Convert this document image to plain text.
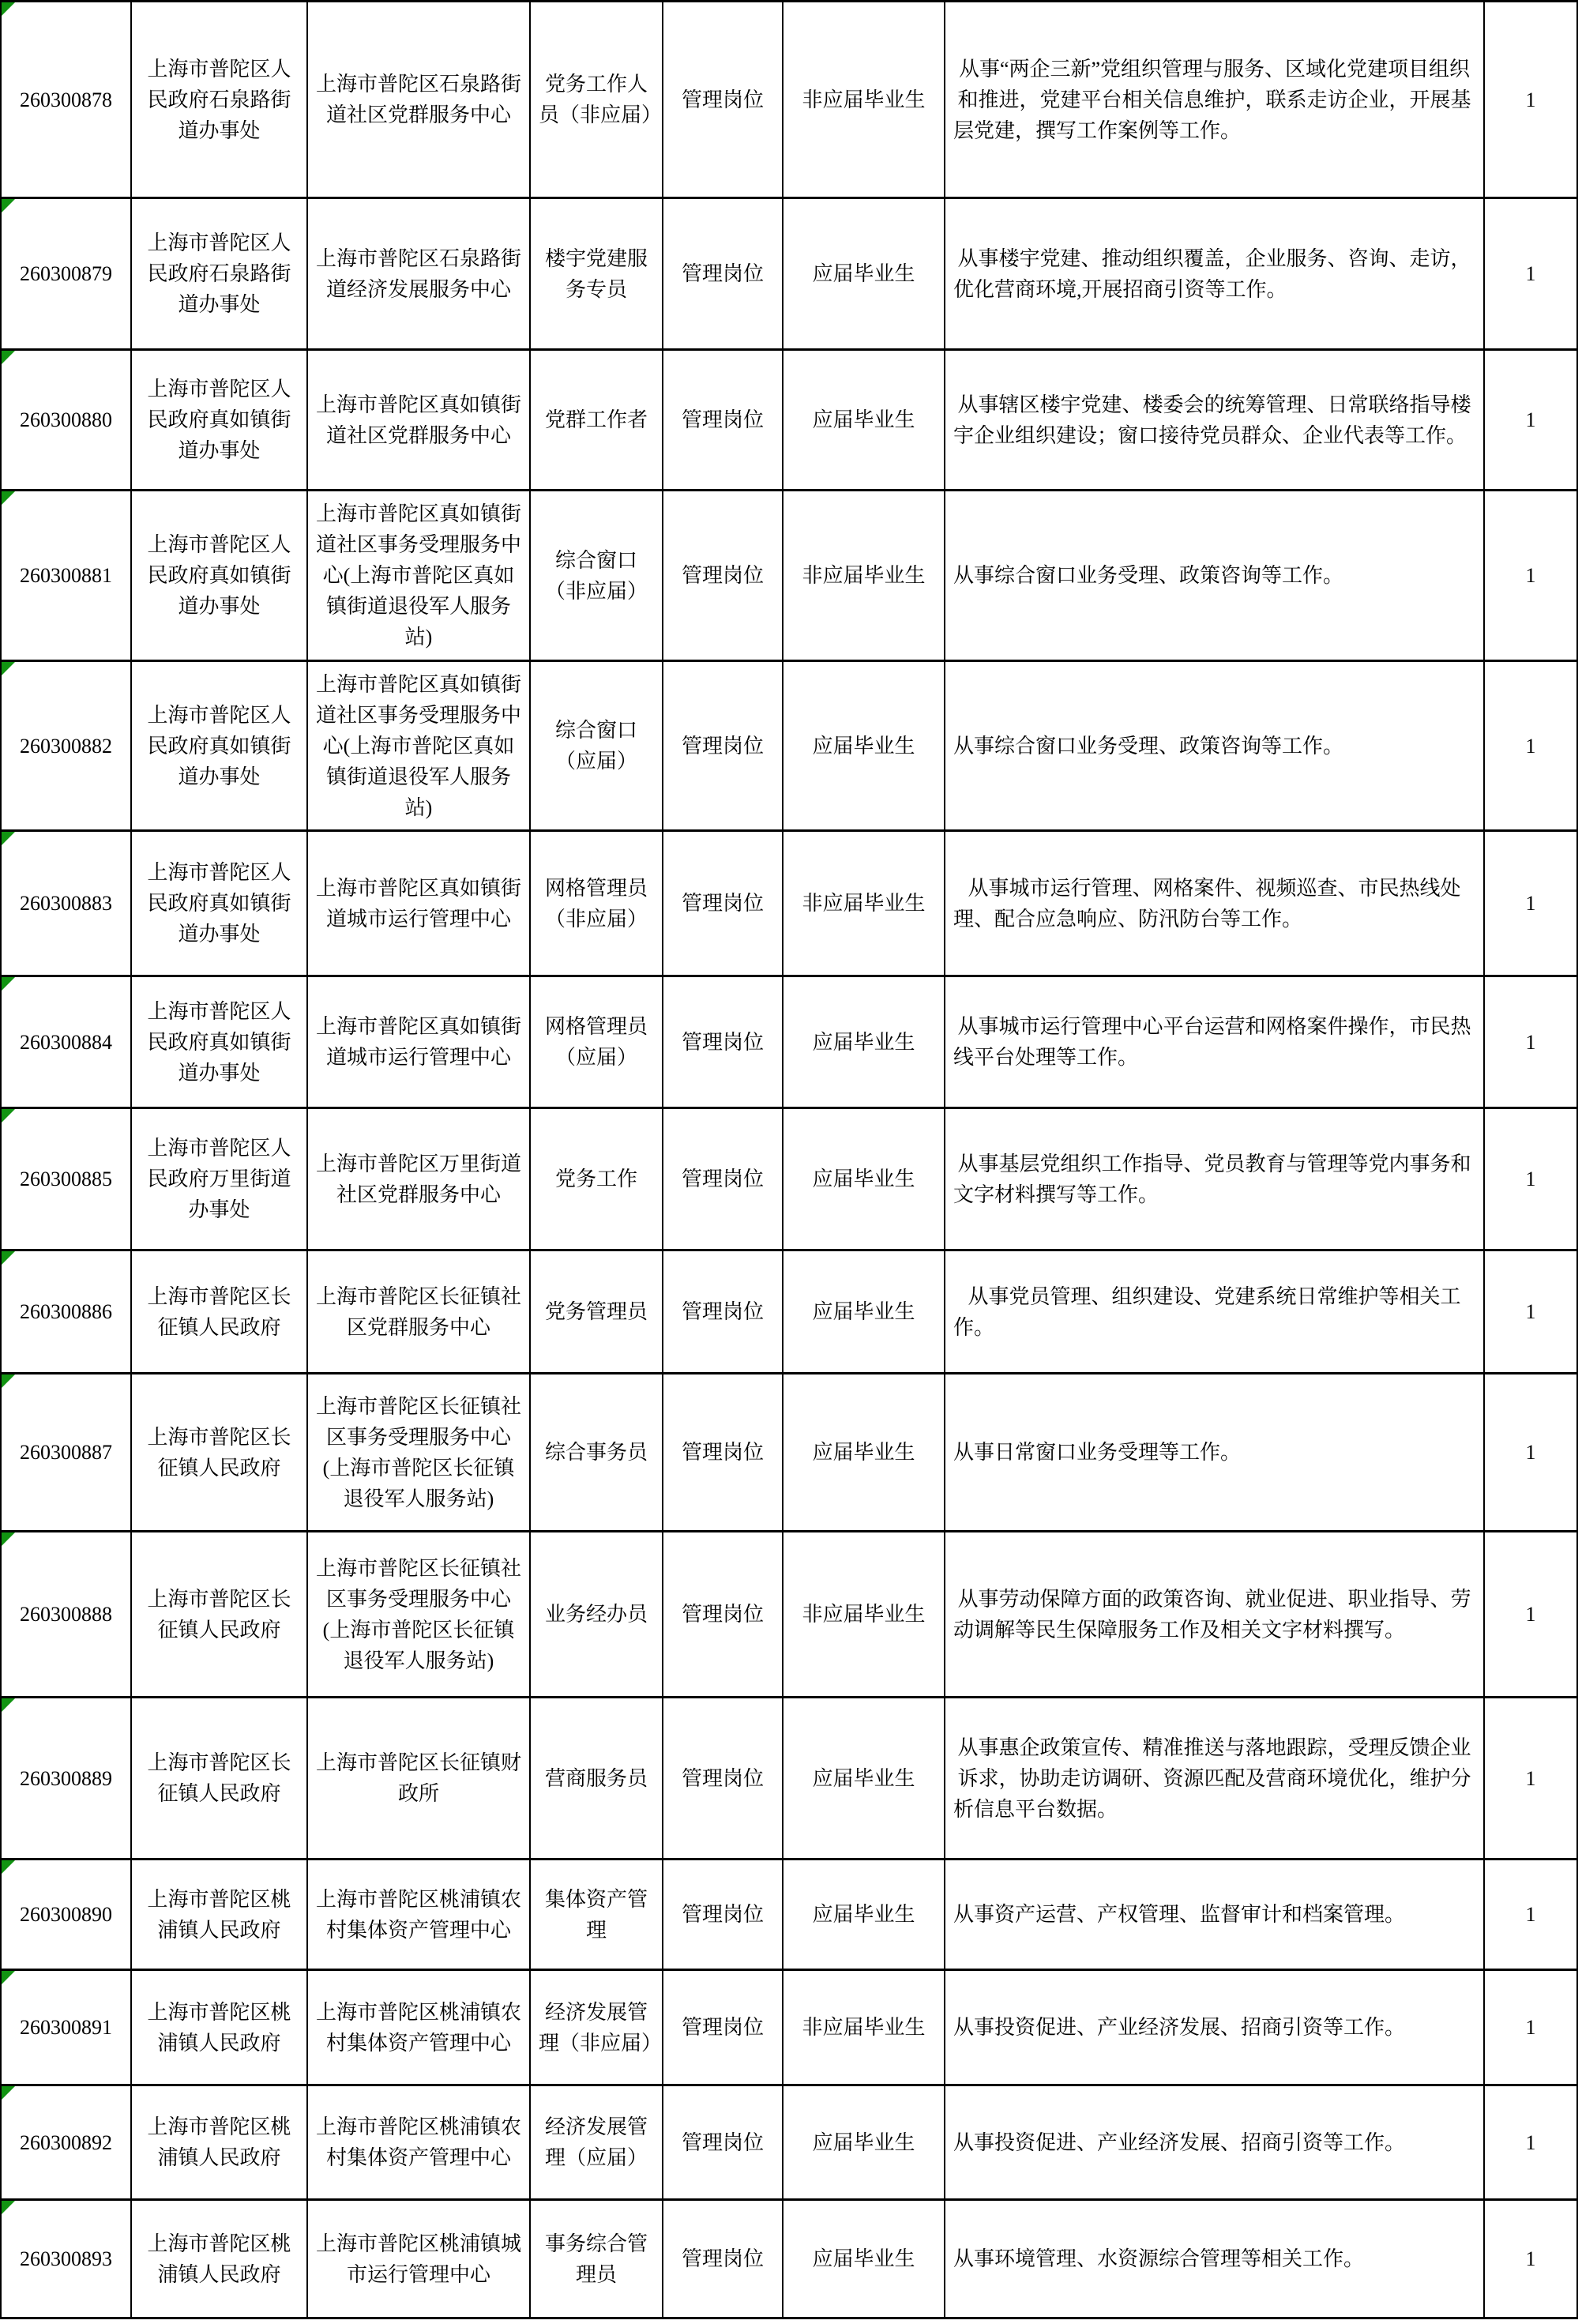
260300878	上海市普陀区人民政府石泉路街道办事处	上海市普陀区石泉路街道社区党群服务中心	党务工作人员（非应届）	管理岗位	非应届毕业生	从事“两企三新”党组织管理与服务、区域化党建项目组织和推进，党建平台相关信息维护，联系走访企业，开展基层党建，撰写工作案例等工作。	1

260300879	上海市普陀区人民政府石泉路街道办事处	上海市普陀区石泉路街道经济发展服务中心	楼宇党建服务专员	管理岗位	应届毕业生	从事楼宇党建、推动组织覆盖，企业服务、咨询、走访，优化营商环境,开展招商引资等工作。	1

260300880	上海市普陀区人民政府真如镇街道办事处	上海市普陀区真如镇街道社区党群服务中心	党群工作者	管理岗位	应届毕业生	从事辖区楼宇党建、楼委会的统筹管理、日常联络指导楼宇企业组织建设；窗口接待党员群众、企业代表等工作。	1

260300881	上海市普陀区人民政府真如镇街道办事处	上海市普陀区真如镇街道社区事务受理服务中心(上海市普陀区真如镇街道退役军人服务站)	综合窗口（非应届）	管理岗位	非应届毕业生	从事综合窗口业务受理、政策咨询等工作。	1

260300882	上海市普陀区人民政府真如镇街道办事处	上海市普陀区真如镇街道社区事务受理服务中心(上海市普陀区真如镇街道退役军人服务站)	综合窗口（应届）	管理岗位	应届毕业生	从事综合窗口业务受理、政策咨询等工作。	1

260300883	上海市普陀区人民政府真如镇街道办事处	上海市普陀区真如镇街道城市运行管理中心	网格管理员（非应届）	管理岗位	非应届毕业生	从事城市运行管理、网格案件、视频巡查、市民热线处理、配合应急响应、防汛防台等工作。	1

260300884	上海市普陀区人民政府真如镇街道办事处	上海市普陀区真如镇街道城市运行管理中心	网格管理员（应届）	管理岗位	应届毕业生	从事城市运行管理中心平台运营和网格案件操作，市民热线平台处理等工作。	1

260300885	上海市普陀区人民政府万里街道办事处	上海市普陀区万里街道社区党群服务中心	党务工作	管理岗位	应届毕业生	从事基层党组织工作指导、党员教育与管理等党内事务和文字材料撰写等工作。	1

260300886	上海市普陀区长征镇人民政府	上海市普陀区长征镇社区党群服务中心	党务管理员	管理岗位	应届毕业生	从事党员管理、组织建设、党建系统日常维护等相关工作。	1

260300887	上海市普陀区长征镇人民政府	上海市普陀区长征镇社区事务受理服务中心(上海市普陀区长征镇退役军人服务站)	综合事务员	管理岗位	应届毕业生	从事日常窗口业务受理等工作。	1

260300888	上海市普陀区长征镇人民政府	上海市普陀区长征镇社区事务受理服务中心(上海市普陀区长征镇退役军人服务站)	业务经办员	管理岗位	非应届毕业生	从事劳动保障方面的政策咨询、就业促进、职业指导、劳动调解等民生保障服务工作及相关文字材料撰写。	1

260300889	上海市普陀区长征镇人民政府	上海市普陀区长征镇财政所	营商服务员	管理岗位	应届毕业生	从事惠企政策宣传、精准推送与落地跟踪，受理反馈企业诉求，协助走访调研、资源匹配及营商环境优化，维护分析信息平台数据。	1

260300890	上海市普陀区桃浦镇人民政府	上海市普陀区桃浦镇农村集体资产管理中心	集体资产管理	管理岗位	应届毕业生	从事资产运营、产权管理、监督审计和档案管理。	1

260300891	上海市普陀区桃浦镇人民政府	上海市普陀区桃浦镇农村集体资产管理中心	经济发展管理（非应届）	管理岗位	非应届毕业生	从事投资促进、产业经济发展、招商引资等工作。	1

260300892	上海市普陀区桃浦镇人民政府	上海市普陀区桃浦镇农村集体资产管理中心	经济发展管理（应届）	管理岗位	应届毕业生	从事投资促进、产业经济发展、招商引资等工作。	1

260300893	上海市普陀区桃浦镇人民政府	上海市普陀区桃浦镇城市运行管理中心	事务综合管理员	管理岗位	应届毕业生	从事环境管理、水资源综合管理等相关工作。	1
